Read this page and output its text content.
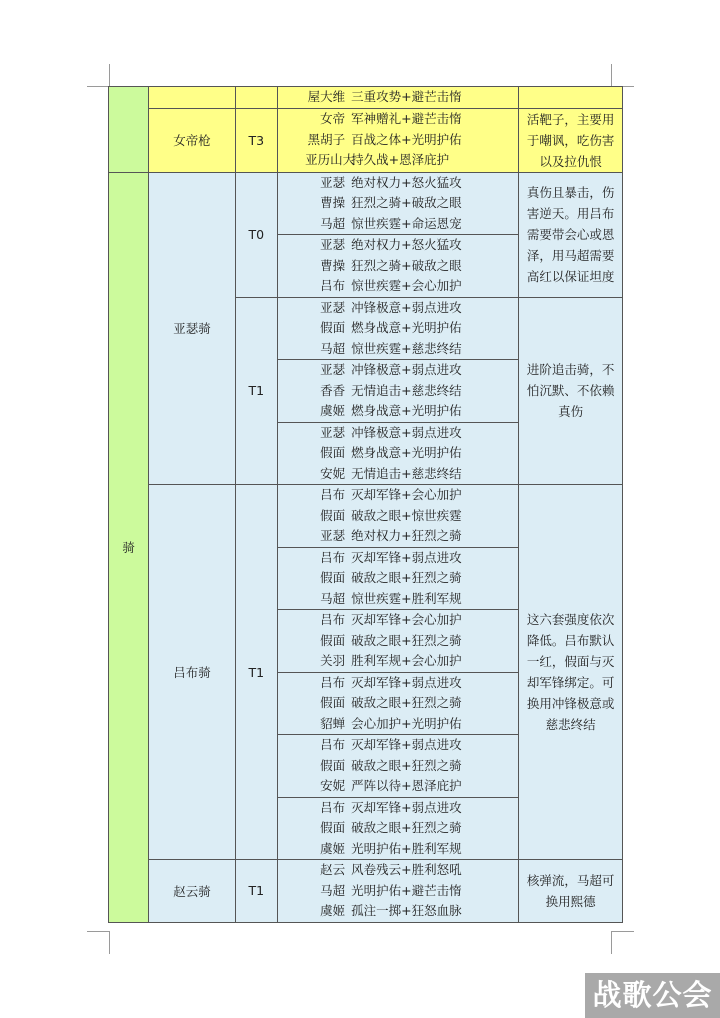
			屋大维 三重攻势+避芒击惰	

	女帝枪	T3	女帝 军神赠礼+避芒击惰
黑胡子 百战之体+光明护佑
亚历山大持久战+恩泽庇护	活靶子，主要用于嘲讽，吃伤害以及拉仇恨
骑	亚瑟骑	T0	亚瑟 绝对权力+怒火猛攻
曹操 狂烈之骑+破敌之眼
马超 惊世疾霆+命运恩宠	真伤且暴击，伤害逆天。用吕布需要带会心或恩泽，用马超需要高红以保证坦度

			亚瑟 绝对权力+怒火猛攻
曹操 狂烈之骑+破敌之眼
吕布 惊世疾霆+会心加护	

		T1	亚瑟 冲锋极意+弱点进攻
假面 燃身战意+光明护佑
马超 惊世疾霆+慈悲终结	进阶追击骑，不怕沉默、不依赖真伤

			亚瑟 冲锋极意+弱点进攻
香香 无情追击+慈悲终结
虞姬 燃身战意+光明护佑	

			亚瑟 冲锋极意+弱点进攻
假面 燃身战意+光明护佑
安妮 无情追击+慈悲终结	

	吕布骑	T1	吕布 灭却军锋+会心加护
假面 破敌之眼+惊世疾霆
亚瑟 绝对权力+狂烈之骑	这六套强度依次降低。吕布默认一红，假面与灭却军锋绑定。可换用冲锋极意或慈悲终结

			吕布 灭却军锋+弱点进攻
假面 破敌之眼+狂烈之骑
马超 惊世疾霆+胜利军规	

			吕布 灭却军锋+会心加护
假面 破敌之眼+狂烈之骑
关羽 胜利军规+会心加护	

			吕布 灭却军锋+弱点进攻
假面 破敌之眼+狂烈之骑
貂蝉 会心加护+光明护佑	

			吕布 灭却军锋+弱点进攻
假面 破敌之眼+狂烈之骑
安妮 严阵以待+恩泽庇护	

			吕布 灭却军锋+弱点进攻
假面 破敌之眼+狂烈之骑
虞姬 光明护佑+胜利军规	

	赵云骑	T1	赵云 风卷残云+胜利怒吼
马超 光明护佑+避芒击惰
虞姬 孤注一掷+狂怒血脉	核弹流，马超可换用熙德
战歌公会
